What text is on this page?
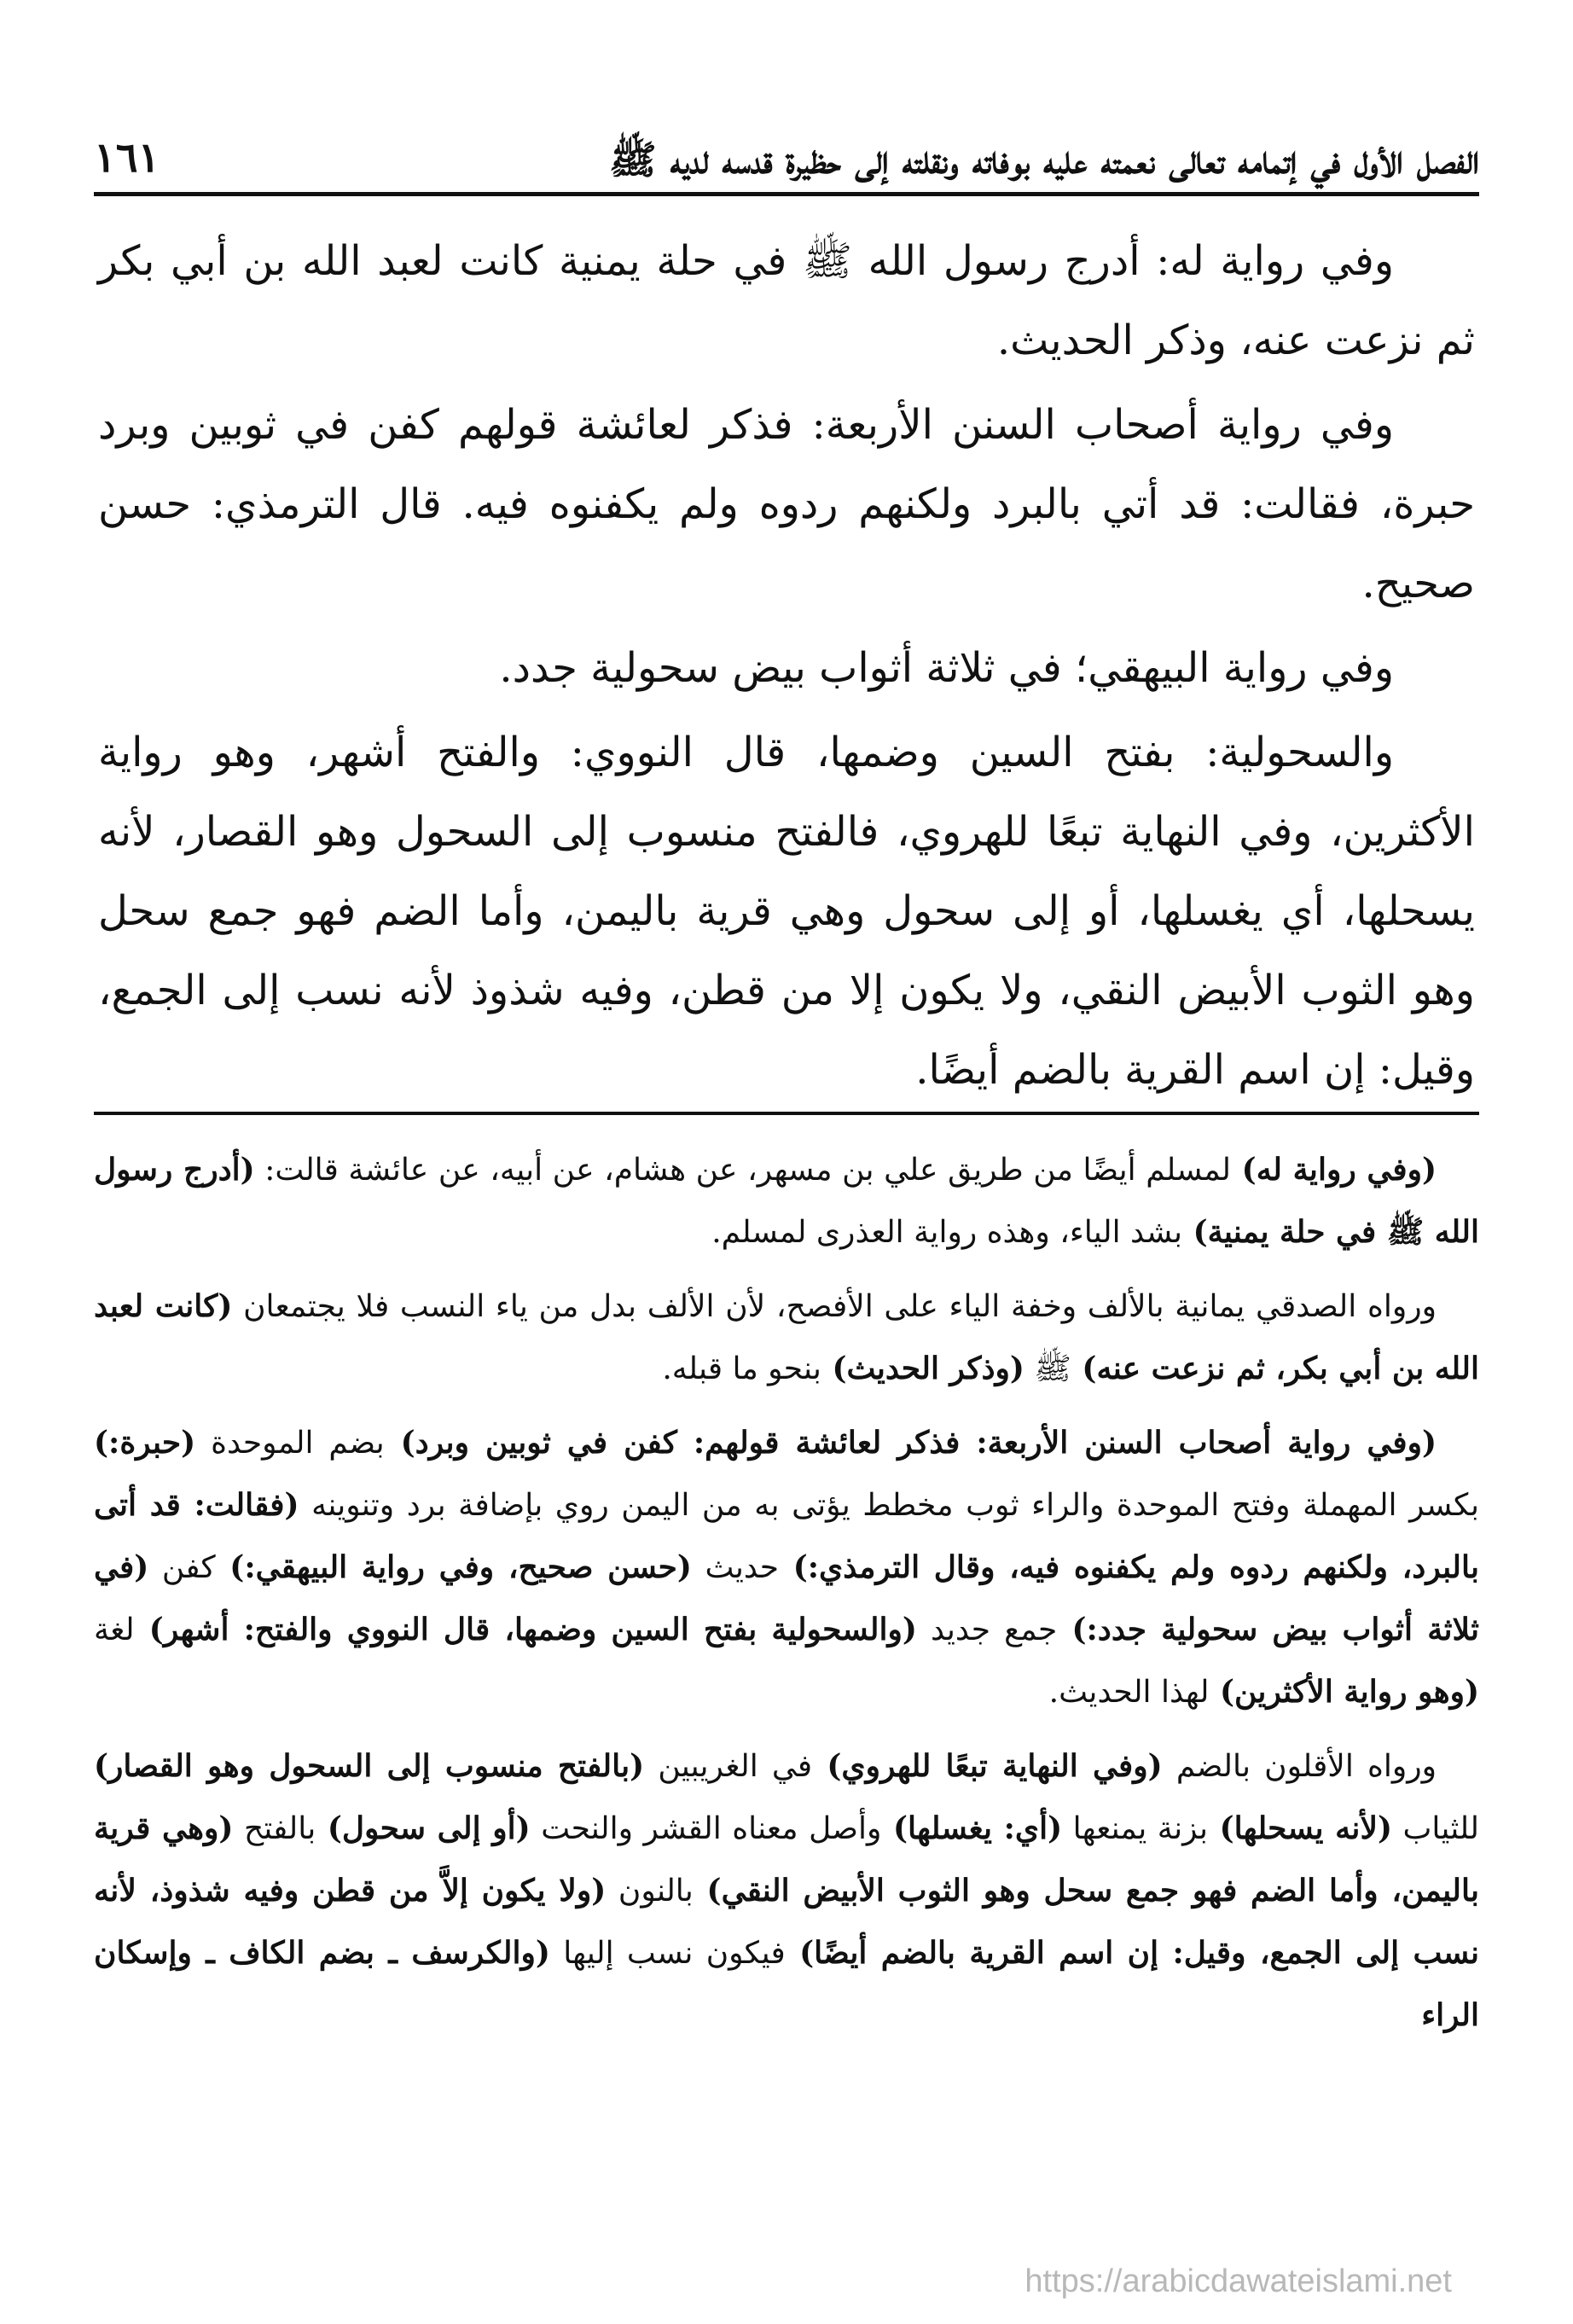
الفصل الأول في إتمامه تعالى نعمته عليه بوفاته ونقلته إلى حظيرة قدسه لديه ﷺ
١٦١

وفي رواية له: أدرج رسول الله ﷺ في حلة يمنية كانت لعبد الله بن أبي بكر ثم نزعت عنه، وذكر الحديث.

وفي رواية أصحاب السنن الأربعة: فذكر لعائشة قولهم كفن في ثوبين وبرد حبرة، فقالت: قد أتي بالبرد ولكنهم ردوه ولم يكفنوه فيه. قال الترمذي: حسن صحيح.

وفي رواية البيهقي؛ في ثلاثة أثواب بيض سحولية جدد.

والسحولية: بفتح السين وضمها، قال النووي: والفتح أشهر، وهو رواية الأكثرين، وفي النهاية تبعًا للهروي، فالفتح منسوب إلى السحول وهو القصار، لأنه يسحلها، أي يغسلها، أو إلى سحول وهي قرية باليمن، وأما الضم فهو جمع سحل وهو الثوب الأبيض النقي، ولا يكون إلا من قطن، وفيه شذوذ لأنه نسب إلى الجمع، وقيل: إن اسم القرية بالضم أيضًا.

(وفي رواية له) لمسلم أيضًا من طريق علي بن مسهر، عن هشام، عن أبيه، عن عائشة قالت: (أدرج رسول الله ﷺ في حلة يمنية) بشد الياء، وهذه رواية العذرى لمسلم.

ورواه الصدقي يمانية بالألف وخفة الياء على الأفصح، لأن الألف بدل من ياء النسب فلا يجتمعان (كانت لعبد الله بن أبي بكر، ثم نزعت عنه) ﷺ (وذكر الحديث) بنحو ما قبله.

(وفي رواية أصحاب السنن الأربعة: فذكر لعائشة قولهم: كفن في ثوبين وبرد) بضم الموحدة (حبرة:) بكسر المهملة وفتح الموحدة والراء ثوب مخطط يؤتى به من اليمن روي بإضافة برد وتنوينه (فقالت: قد أتى بالبرد، ولكنهم ردوه ولم يكفنوه فيه، وقال الترمذي:) حديث (حسن صحيح، وفي رواية البيهقي:) كفن (في ثلاثة أثواب بيض سحولية جدد:) جمع جديد (والسحولية بفتح السين وضمها، قال النووي والفتح: أشهر) لغة (وهو رواية الأكثرين) لهذا الحديث.

ورواه الأقلون بالضم (وفي النهاية تبعًا للهروي) في الغريبين (بالفتح منسوب إلى السحول وهو القصار) للثياب (لأنه يسحلها) بزنة يمنعها (أي: يغسلها) وأصل معناه القشر والنحت (أو إلى سحول) بالفتح (وهي قرية باليمن، وأما الضم فهو جمع سحل وهو الثوب الأبيض النقي) بالنون (ولا يكون إلاَّ من قطن وفيه شذوذ، لأنه نسب إلى الجمع، وقيل: إن اسم القرية بالضم أيضًا) فيكون نسب إليها (والكرسف ـ بضم الكاف ـ وإسكان الراء

https://arabicdawateislami.net
